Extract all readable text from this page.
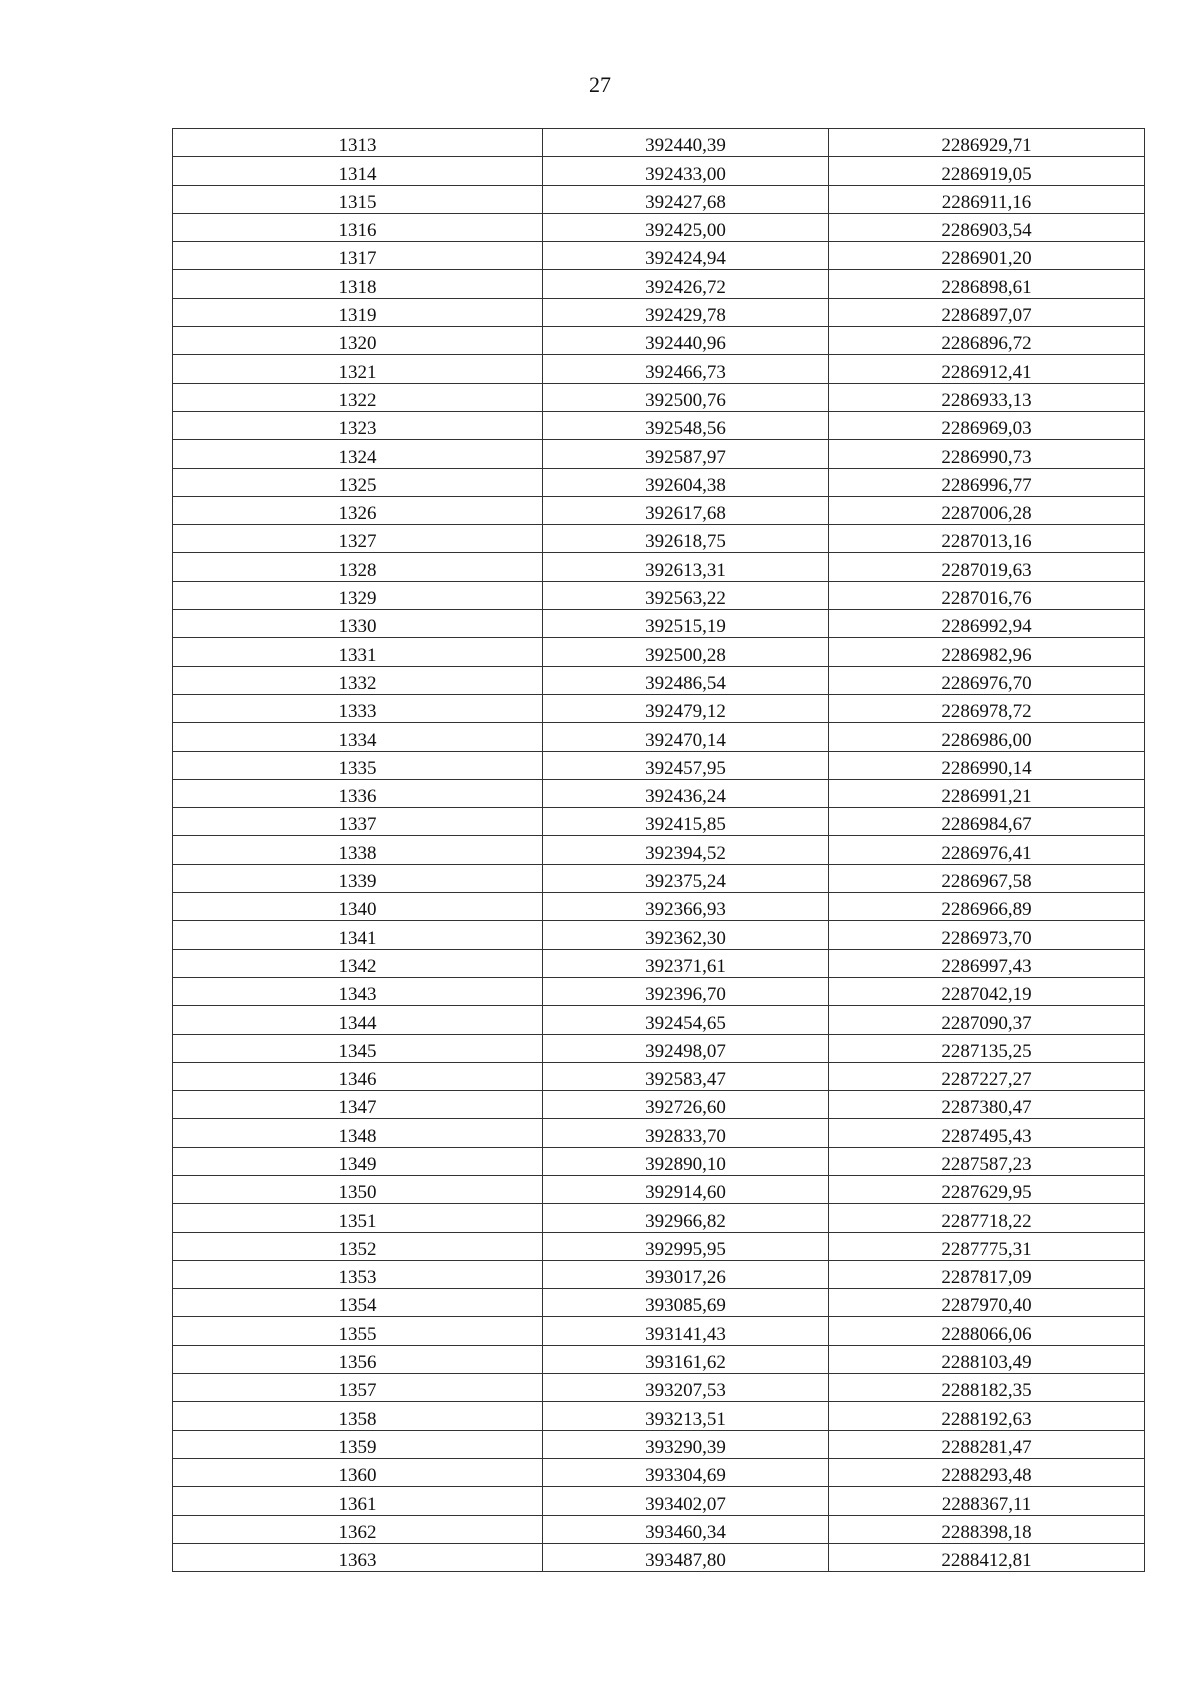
27
1313	392440,39	2286929,71
1314	392433,00	2286919,05
1315	392427,68	2286911,16
1316	392425,00	2286903,54
1317	392424,94	2286901,20
1318	392426,72	2286898,61
1319	392429,78	2286897,07
1320	392440,96	2286896,72
1321	392466,73	2286912,41
1322	392500,76	2286933,13
1323	392548,56	2286969,03
1324	392587,97	2286990,73
1325	392604,38	2286996,77
1326	392617,68	2287006,28
1327	392618,75	2287013,16
1328	392613,31	2287019,63
1329	392563,22	2287016,76
1330	392515,19	2286992,94
1331	392500,28	2286982,96
1332	392486,54	2286976,70
1333	392479,12	2286978,72
1334	392470,14	2286986,00
1335	392457,95	2286990,14
1336	392436,24	2286991,21
1337	392415,85	2286984,67
1338	392394,52	2286976,41
1339	392375,24	2286967,58
1340	392366,93	2286966,89
1341	392362,30	2286973,70
1342	392371,61	2286997,43
1343	392396,70	2287042,19
1344	392454,65	2287090,37
1345	392498,07	2287135,25
1346	392583,47	2287227,27
1347	392726,60	2287380,47
1348	392833,70	2287495,43
1349	392890,10	2287587,23
1350	392914,60	2287629,95
1351	392966,82	2287718,22
1352	392995,95	2287775,31
1353	393017,26	2287817,09
1354	393085,69	2287970,40
1355	393141,43	2288066,06
1356	393161,62	2288103,49
1357	393207,53	2288182,35
1358	393213,51	2288192,63
1359	393290,39	2288281,47
1360	393304,69	2288293,48
1361	393402,07	2288367,11
1362	393460,34	2288398,18
1363	393487,80	2288412,81
